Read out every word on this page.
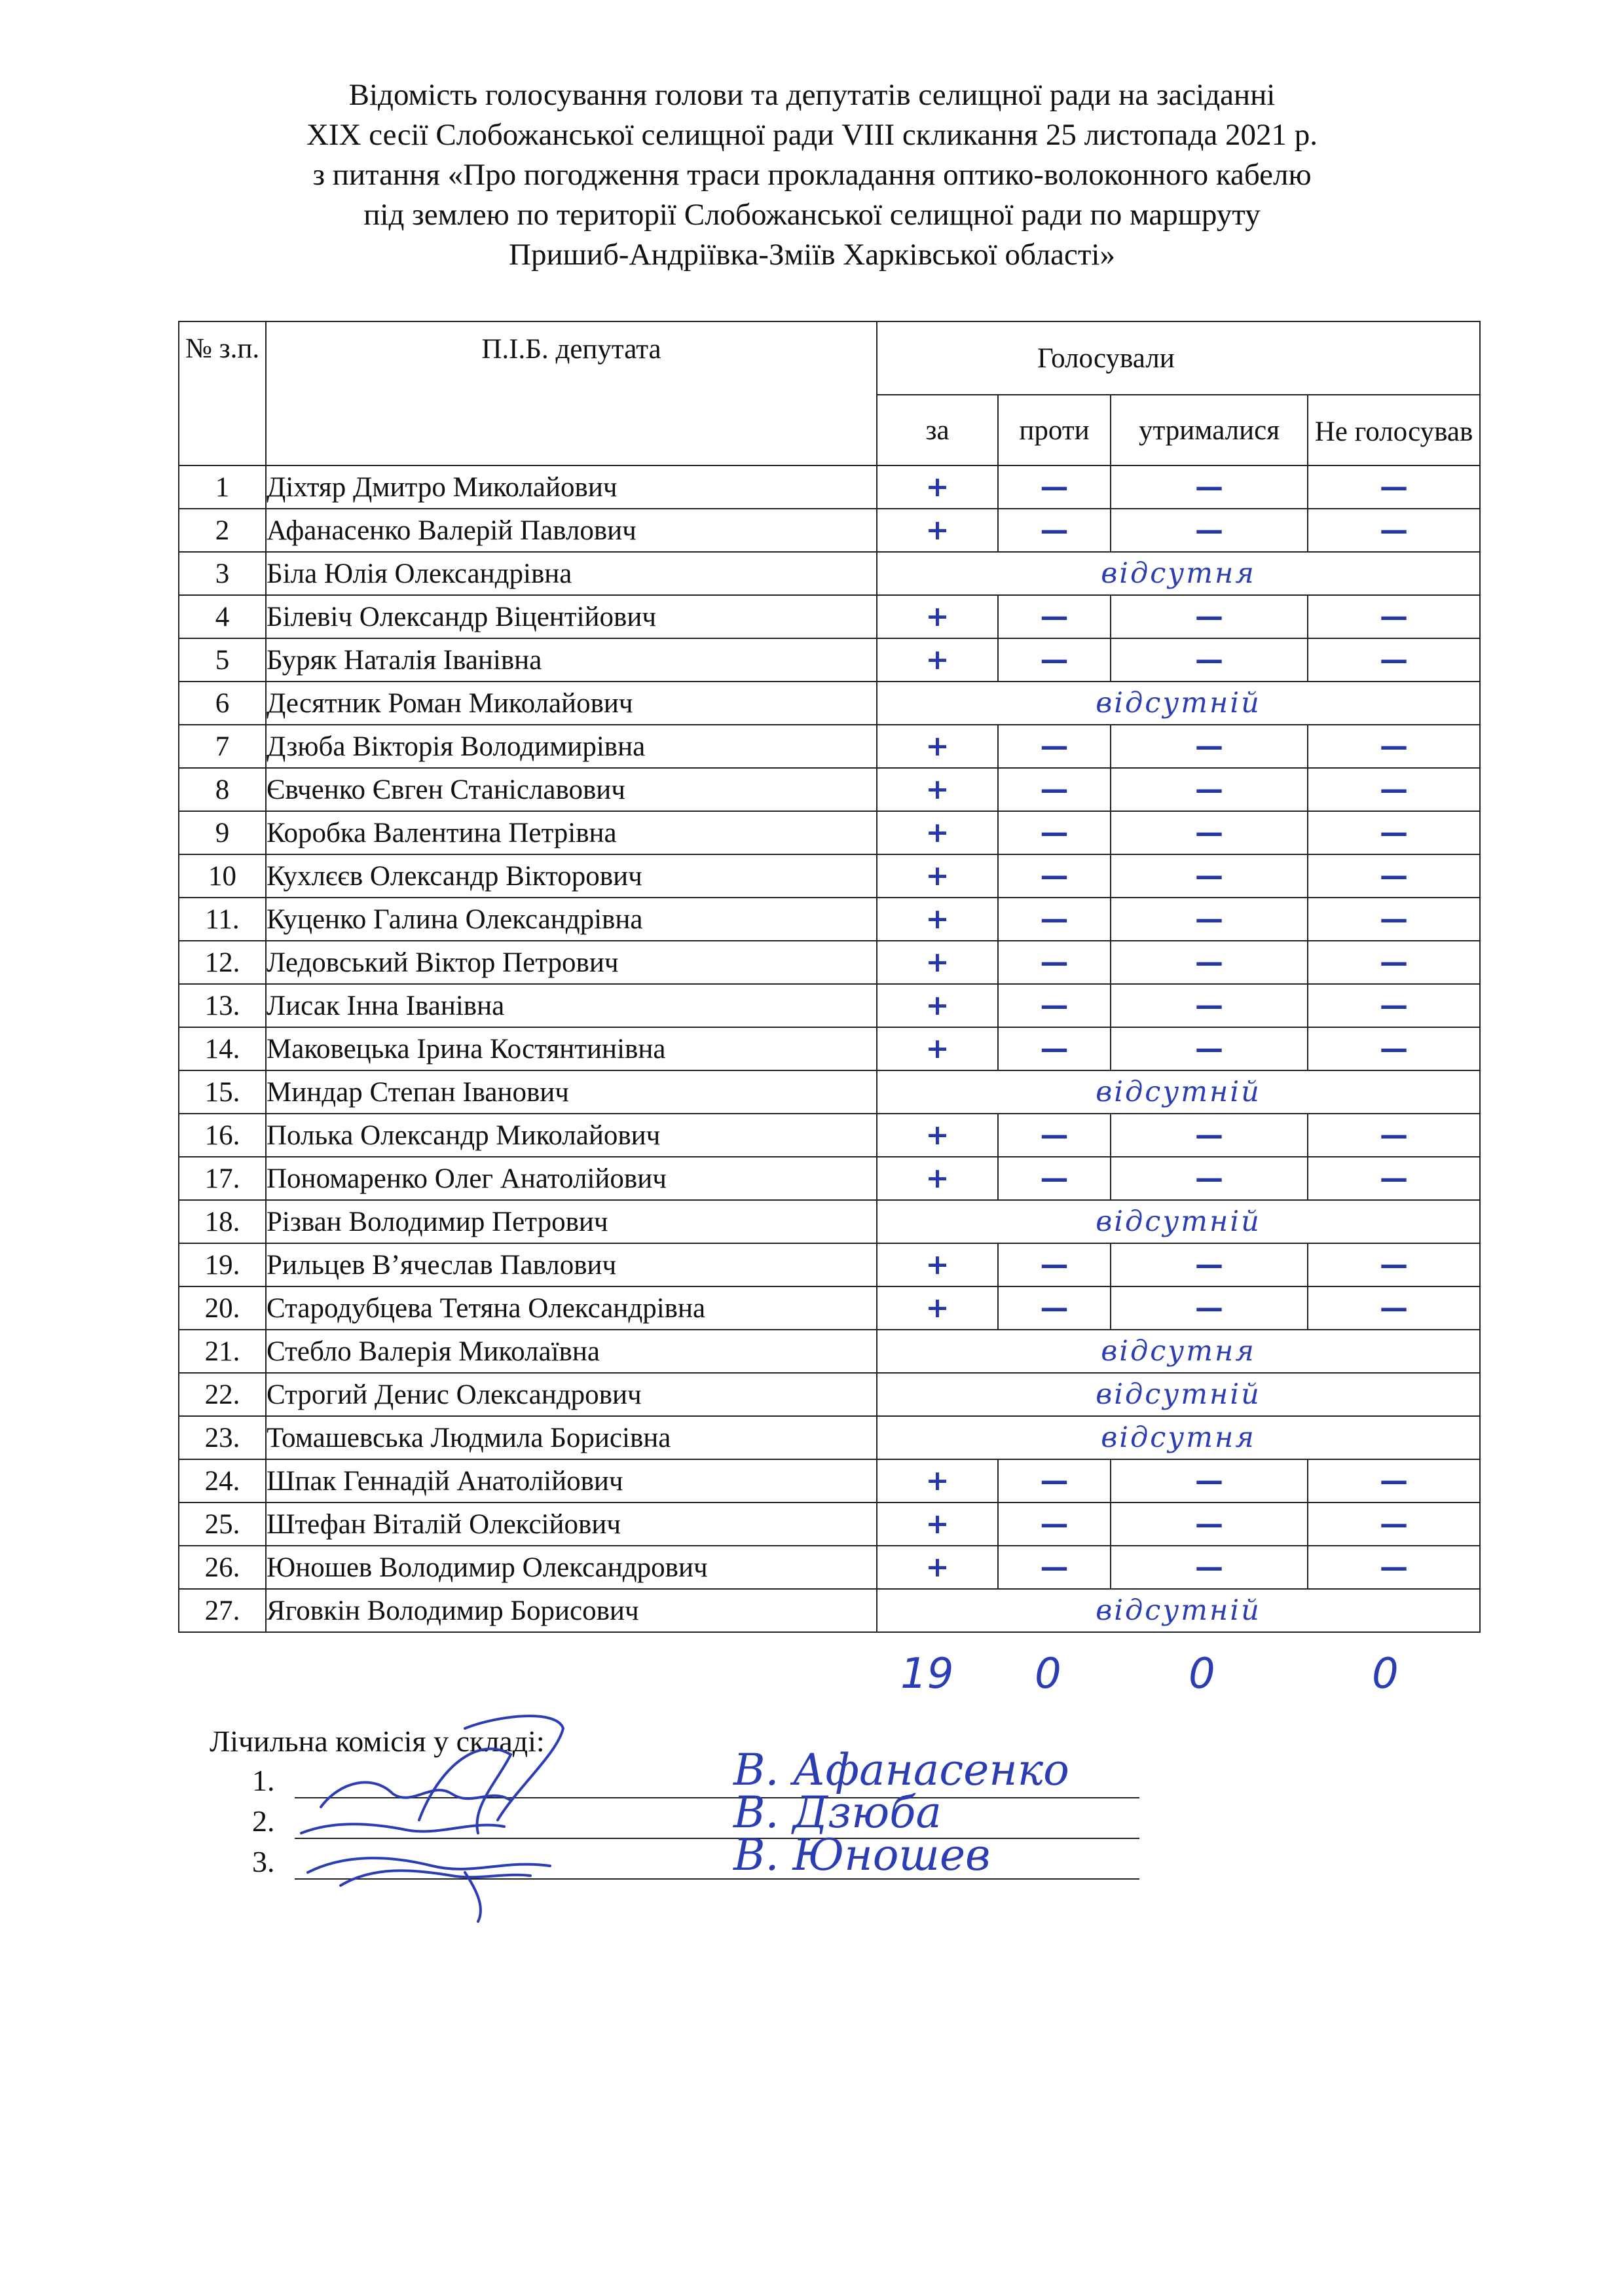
Відомість голосування голови та депутатів селищної ради на засіданні
ХІХ сесії Слобожанської селищної ради VIII скликання 25 листопада 2021 р.
з питання «Про погодження траси прокладання оптико-волоконного кабелю
під землею по території Слобожанської селищної ради по маршруту
Пришиб-Андріївка-Зміїв Харківської області»
№ з.п.	П.І.Б. депутата		Голосували		
		за	проти	утрималися	Не голосував
1	Діхтяр Дмитро Миколайович	+	—	—	—
2	Афанасенко Валерій Павлович	+	—	—	—
3	Біла Юлія Олександрівна	відсутня			
4	Білевіч Олександр Віцентійович	+	—	—	—
5	Буряк Наталія Іванівна	+	—	—	—
6	Десятник Роман Миколайович	відсутній			
7	Дзюба Вікторія Володимирівна	+	—	—	—
8	Євченко Євген Станіславович	+	—	—	—
9	Коробка Валентина Петрівна	+	—	—	—
10	Кухлєєв Олександр Вікторович	+	—	—	—
11.	Куценко Галина Олександрівна	+	—	—	—
12.	Ледовський Віктор Петрович	+	—	—	—
13.	Лисак Інна Іванівна	+	—	—	—
14.	Маковецька Ірина Костянтинівна	+	—	—	—
15.	Миндар Степан Іванович	відсутній			
16.	Полька Олександр Миколайович	+	—	—	—
17.	Пономаренко Олег Анатолійович	+	—	—	—
18.	Різван Володимир Петрович	відсутній			
19.	Рильцев В’ячеслав Павлович	+	—	—	—
20.	Стародубцева Тетяна Олександрівна	+	—	—	—
21.	Стебло Валерія Миколаївна	відсутня			
22.	Строгий Денис Олександрович	відсутній			
23.	Томашевська Людмила Борисівна	відсутня			
24.	Шпак Геннадій Анатолійович	+	—	—	—
25.	Штефан Віталій Олексійович	+	—	—	—
26.	Юношев Володимир Олександрович	+	—	—	—
27.	Яговкін Володимир Борисович	відсутній			
19 0	0	0
Лічильна комісія у складі:
1.	В. Афанасенко
2.	В. Дзюба
3.	В. Юношев
